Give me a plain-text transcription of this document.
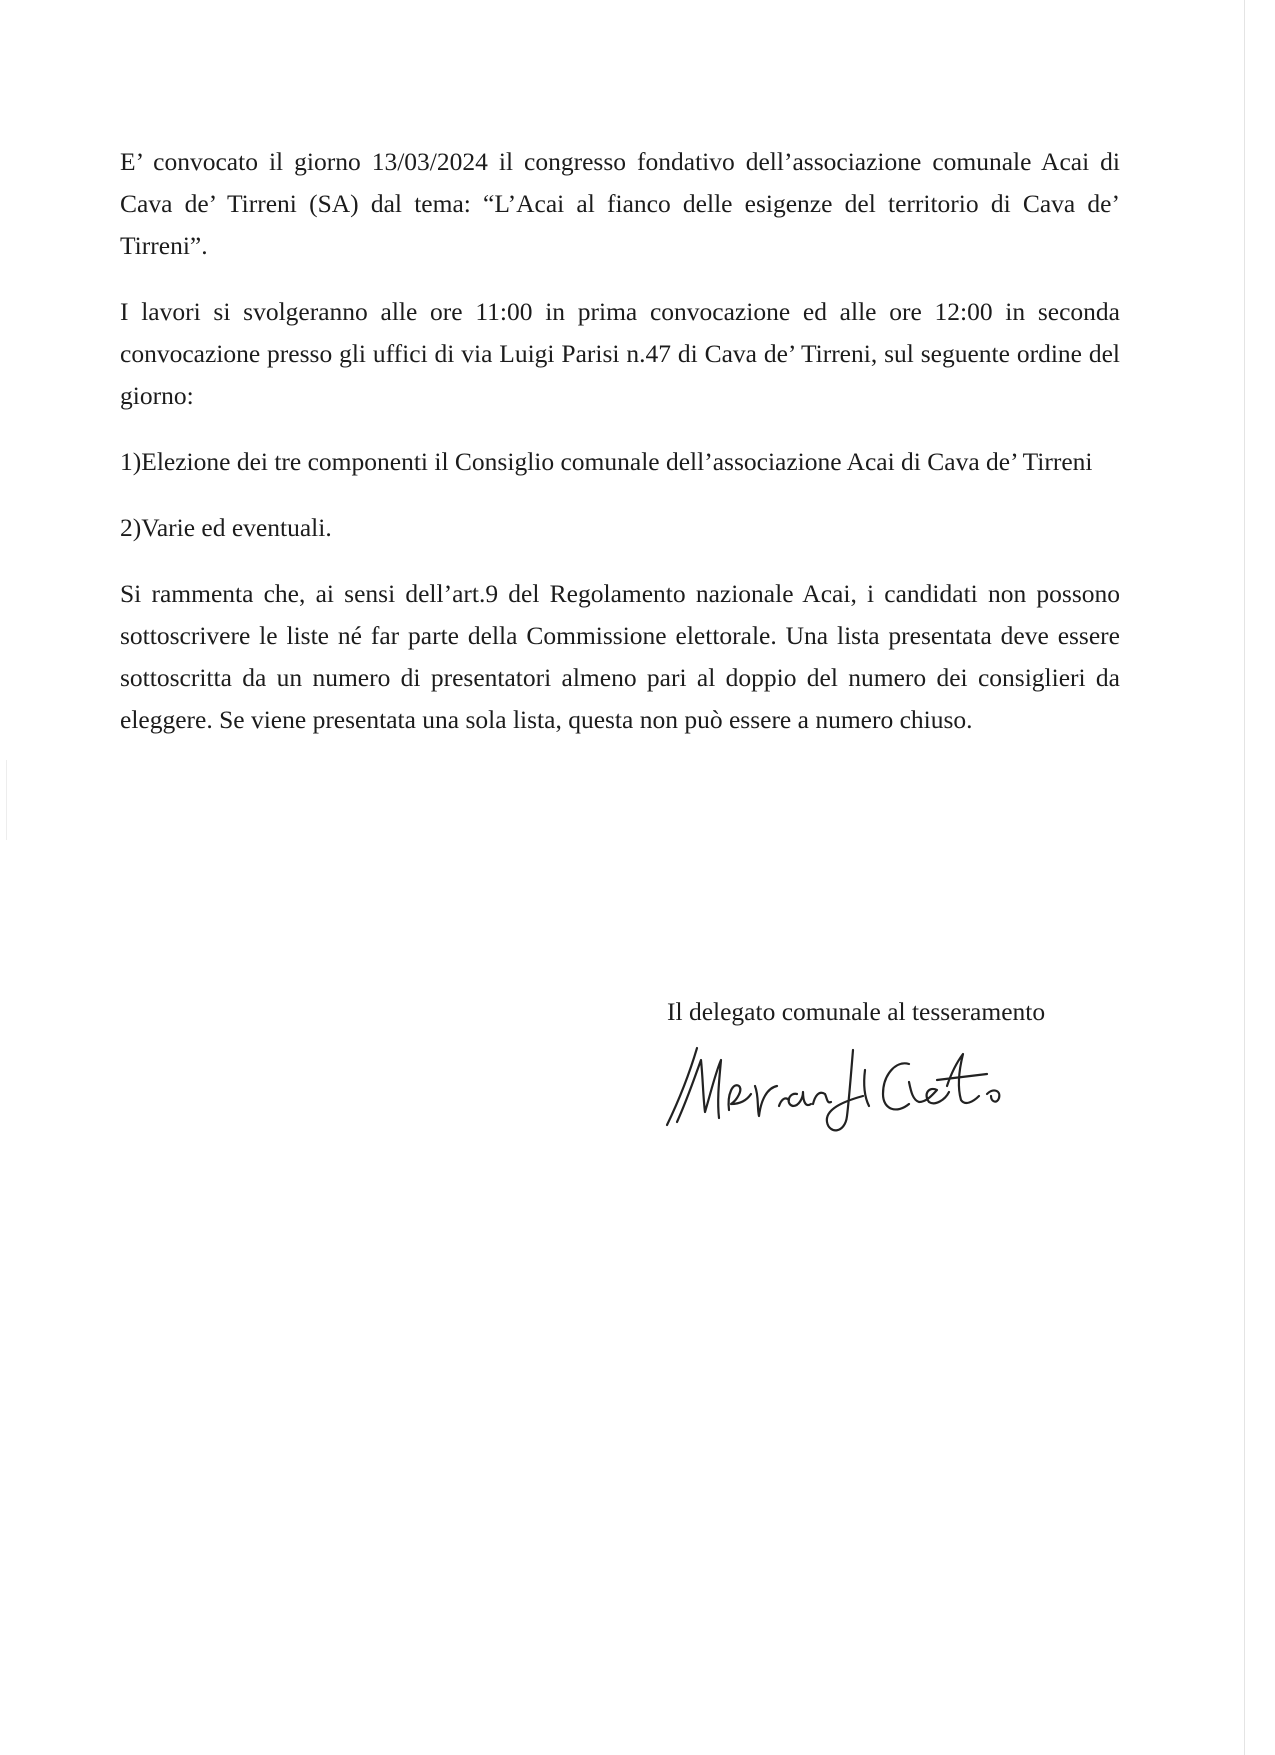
E’ convocato il giorno 13/03/2024 il congresso fondativo dell’associazione comunale Acai di Cava de’ Tirreni (SA) dal tema: “L’Acai al fianco delle esigenze del territorio di Cava de’ Tirreni”.

I lavori si svolgeranno alle ore 11:00 in prima convocazione ed alle ore 12:00 in seconda convocazione presso gli uffici di via Luigi Parisi n.47 di Cava de’ Tirreni, sul seguente ordine del giorno:

1)Elezione dei tre componenti il Consiglio comunale dell’associazione Acai di Cava de’ Tirreni

2)Varie ed eventuali.

Si rammenta che, ai sensi dell’art.9 del Regolamento nazionale Acai, i candidati non possono sottoscrivere le liste né far parte della Commissione elettorale. Una lista presentata deve essere sottoscritta da un numero di presentatori almeno pari al doppio del numero dei consiglieri da eleggere. Se viene presentata una sola lista, questa non può essere a numero chiuso.

Il delegato comunale al tesseramento
